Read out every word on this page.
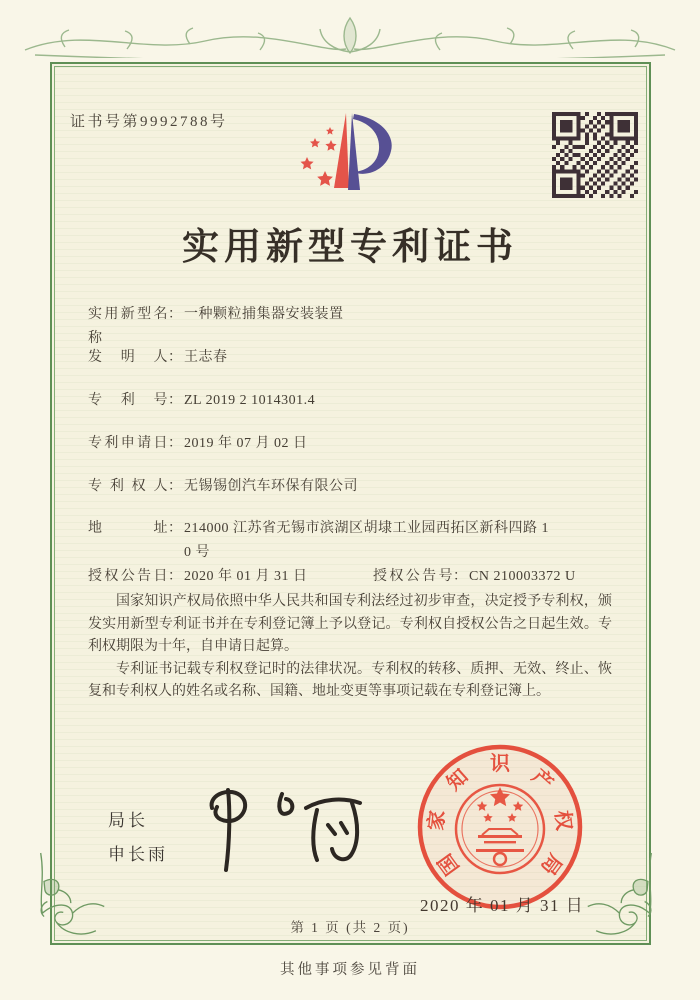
证书号第9992788号
实用新型专利证书
实用新型名称
： 一种颗粒捕集器安装装置
发明人 ： 王志春
专利号 ： ZL 2019 2 1014301.4
专利申请日 ： 2019 年 07 月 02 日
专利权人 ： 无锡锡创汽车环保有限公司
地址 ： 214000 江苏省无锡市滨湖区胡埭工业园西拓区新科四路 1
0 号
授权公告日 ： 2020 年 01 月 31 日	授权公告号 ： CN 210003372 U

国家知识产权局依照中华人民共和国专利法经过初步审查，决定授予专利权，颁发实用新型专利证书并在专利登记簿上予以登记。专利权自授权公告之日起生效。专利权期限为十年，自申请日起算。

专利证书记载专利权登记时的法律状况。专利权的转移、质押、无效、终止、恢复和专利权人的姓名或名称、国籍、地址变更等事项记载在专利登记簿上。

局长
申长雨	国
家
知
识
产
权
局
2020 年 01 月 31 日
第 1 页 (共 2 页)
其他事项参见背面
